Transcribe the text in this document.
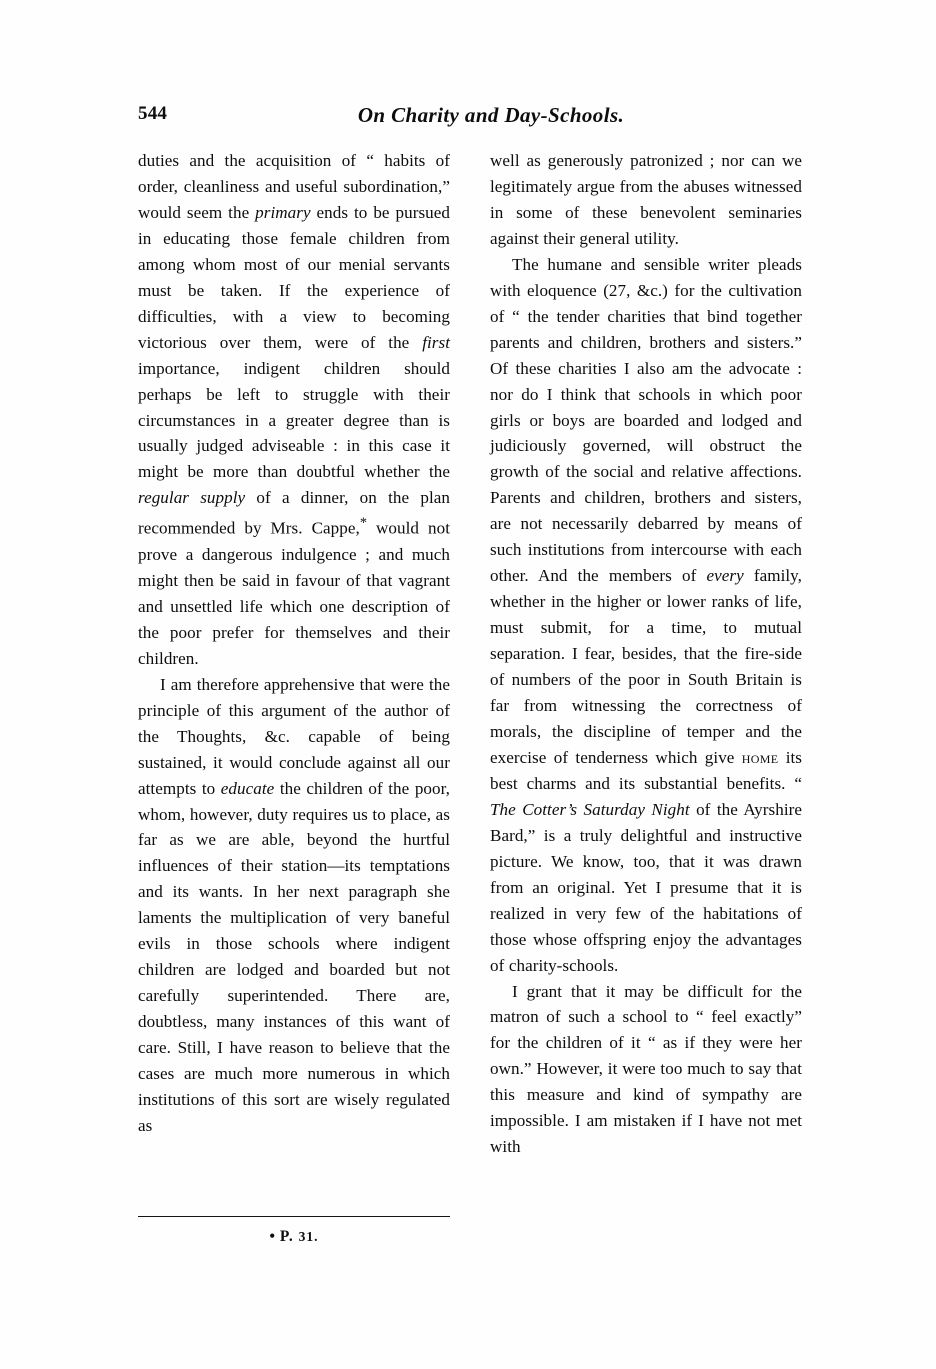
544	On Charity and Day-Schools.

duties and the acquisition of “ habits of order, cleanliness and useful subordination,” would seem the primary ends to be pursued in educating those female children from among whom most of our menial servants must be taken. If the experience of difficulties, with a view to becoming victorious over them, were of the first importance, indigent children should perhaps be left to struggle with their circumstances in a greater degree than is usually judged adviseable : in this case it might be more than doubtful whether the regular supply of a dinner, on the plan recommended by Mrs. Cappe,* would not prove a dangerous indulgence ; and much might then be said in favour of that vagrant and unsettled life which one description of the poor prefer for themselves and their children.

I am therefore apprehensive that were the principle of this argument of the author of the Thoughts, &c. capable of being sustained, it would conclude against all our attempts to educate the children of the poor, whom, however, duty requires us to place, as far as we are able, beyond the hurtful influences of their station—its temptations and its wants. In her next paragraph she laments the multiplication of very baneful evils in those schools where indigent children are lodged and boarded but not carefully superintended. There are, doubtless, many instances of this want of care. Still, I have reason to believe that the cases are much more numerous in which institutions of this sort are wisely regulated as

well as generously patronized ; nor can we legitimately argue from the abuses witnessed in some of these benevolent seminaries against their general utility.

The humane and sensible writer pleads with eloquence (27, &c.) for the cultivation of “ the tender charities that bind together parents and children, brothers and sisters.” Of these charities I also am the advocate : nor do I think that schools in which poor girls or boys are boarded and lodged and judiciously governed, will obstruct the growth of the social and relative affections. Parents and children, brothers and sisters, are not necessarily debarred by means of such institutions from intercourse with each other. And the members of every family, whether in the higher or lower ranks of life, must submit, for a time, to mutual separation. I fear, besides, that the fire-side of numbers of the poor in South Britain is far from witnessing the correctness of morals, the discipline of temper and the exercise of tenderness which give home its best charms and its substantial benefits. “ The Cotter’s Saturday Night of the Ayrshire Bard,” is a truly delightful and instructive picture. We know, too, that it was drawn from an original. Yet I presume that it is realized in very few of the habitations of those whose offspring enjoy the advantages of charity-schools.

I grant that it may be difficult for the matron of such a school to “ feel exactly” for the children of it “ as if they were her own.” However, it were too much to say that this measure and kind of sympathy are impossible. I am mistaken if I have not met with

• P. 31.
